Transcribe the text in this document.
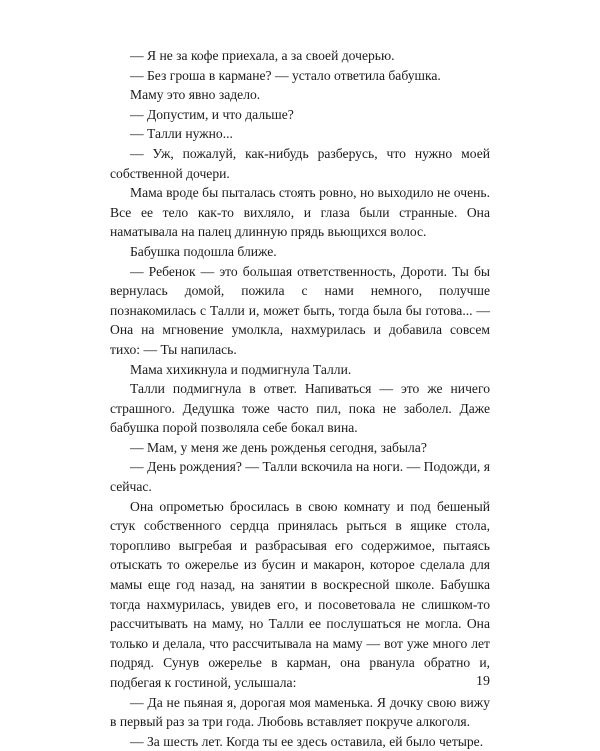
— Я не за кофе приехала, а за своей дочерью.

— Без гроша в кармане? — устало ответила бабушка.

Маму это явно задело.

— Допустим, и что дальше?

— Талли нужно...

— Уж, пожалуй, как-нибудь разберусь, что нужно моей собственной дочери.

Мама вроде бы пыталась стоять ровно, но выходило не очень. Все ее тело как-то вихляло, и глаза были странные. Она наматывала на палец длинную прядь вьющихся волос.

Бабушка подошла ближе.

— Ребенок — это большая ответственность, Дороти. Ты бы вернулась домой, пожила с нами немного, получше познакомилась с Талли и, может быть, тогда была бы готова... — Она на мгновение умолкла, нахмурилась и добавила совсем тихо: — Ты напилась.

Мама хихикнула и подмигнула Талли.

Талли подмигнула в ответ. Напиваться — это же ничего страшного. Дедушка тоже часто пил, пока не заболел. Даже бабушка порой позволяла себе бокал вина.

— Мам, у меня же день рожденья сегодня, забыла?

— День рождения? — Талли вскочила на ноги. — Подожди, я сейчас.

Она опрометью бросилась в свою комнату и под бешеный стук собственного сердца принялась рыться в ящике стола, торопливо выгребая и разбрасывая его содержимое, пытаясь отыскать то ожерелье из бусин и макарон, которое сделала для мамы еще год назад, на занятии в воскресной школе. Бабушка тогда нахмурилась, увидев его, и посоветовала не слишком-то рассчитывать на маму, но Талли ее послушаться не могла. Она только и делала, что рассчитывала на маму — вот уже много лет подряд. Сунув ожерелье в карман, она рванула обратно и, подбегая к гостиной, услышала:

— Да не пьяная я, дорогая моя маменька. Я дочку свою вижу в первый раз за три года. Любовь вставляет покруче алкоголя.

— За шесть лет. Когда ты ее здесь оставила, ей было четыре.

19
